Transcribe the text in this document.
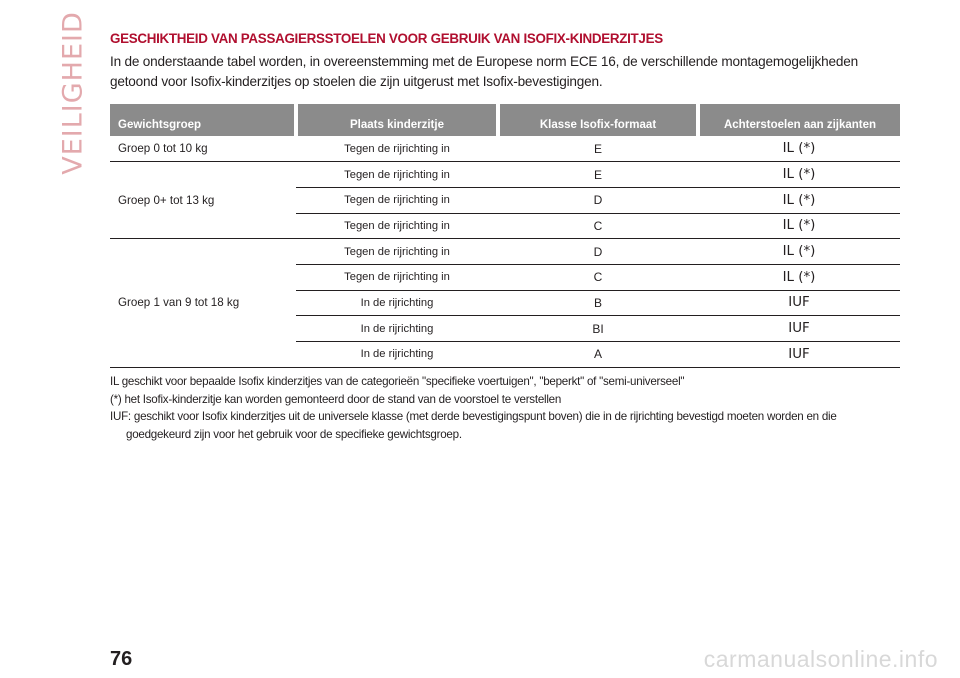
VEILIGHEID GESCHIKTHEID VAN PASSAGIERSSTOELEN VOOR GEBRUIK VAN ISOFIX-KINDERZITJES
In de onderstaande tabel worden, in overeenstemming met de Europese norm ECE 16, de verschillende montagemogelijkheden getoond voor Isofix-kinderzitjes op stoelen die zijn uitgerust met Isofix-bevestigingen.
Gewichtsgroep	Plaats kinderzitje	Klasse Isofix-formaat	Achterstoelen aan zijkanten
Groep 0 tot 10 kg	Tegen de rijrichting in	E	IL (*)
Groep 0+ tot 13 kg	Tegen de rijrichting in	E	IL (*)
	Tegen de rijrichting in	D	IL (*)
	Tegen de rijrichting in	C	IL (*)
Groep 1 van 9 tot 18 kg	Tegen de rijrichting in	D	IL (*)
	Tegen de rijrichting in	C	IL (*)
	In de rijrichting	B	IUF
	In de rijrichting	BI	IUF
	In de rijrichting	A	IUF

IL geschikt voor bepaalde Isofix kinderzitjes van de categorieën "specifieke voertuigen", "beperkt" of "semi-universeel"

(*) het Isofix-kinderzitje kan worden gemonteerd door de stand van de voorstoel te verstellen

IUF: geschikt voor Isofix kinderzitjes uit de universele klasse (met derde bevestigingspunt boven) die in de rijrichting bevestigd moeten worden en die goedgekeurd zijn voor het gebruik voor de specifieke gewichtsgroep.

76	carmanualsonline.info
